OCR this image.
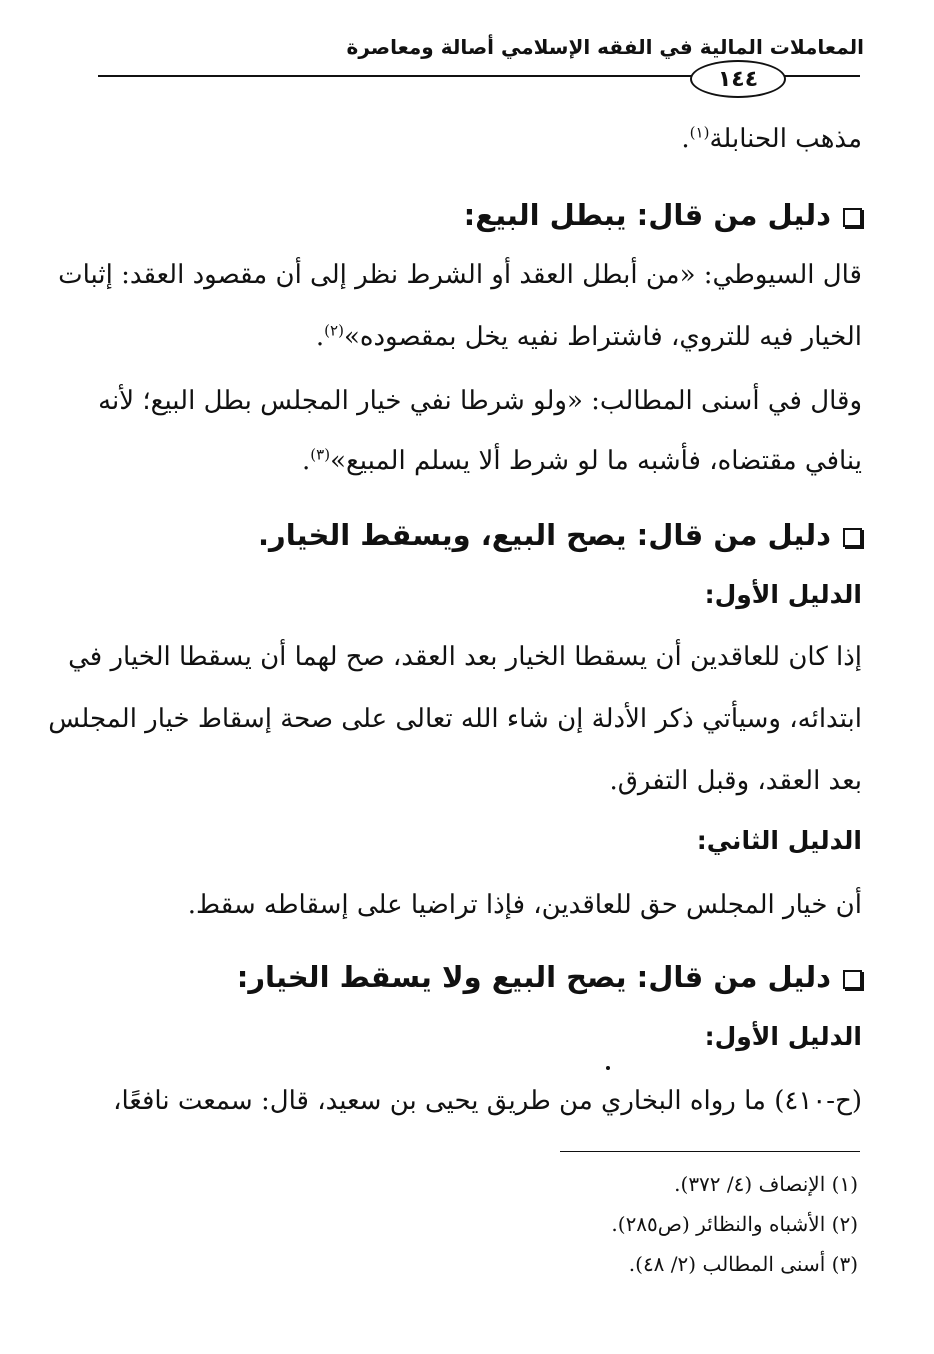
المعاملات المالية في الفقه الإسلامي أصالة ومعاصرة
١٤٤
مذهب الحنابلة$^{(١)}$.
دليل من قال: يبطل البيع:
قال السيوطي: «من أبطل العقد أو الشرط نظر إلى أن مقصود العقد: إثبات
الخيار فيه للتروي، فاشتراط نفيه يخل بمقصوده»$^{(٢)}$.
وقال في أسنى المطالب: «ولو شرطا نفي خيار المجلس بطل البيع؛ لأنه
ينافي مقتضاه، فأشبه ما لو شرط ألا يسلم المبيع»$^{(٣)}$.
دليل من قال: يصح البيع، ويسقط الخيار.
الدليل الأول:
إذا كان للعاقدين أن يسقطا الخيار بعد العقد، صح لهما أن يسقطا الخيار في
ابتدائه، وسيأتي ذكر الأدلة إن شاء الله تعالى على صحة إسقاط خيار المجلس
بعد العقد، وقبل التفرق.
الدليل الثاني:
أن خيار المجلس حق للعاقدين، فإذا تراضيا على إسقاطه سقط.
دليل من قال: يصح البيع ولا يسقط الخيار:
الدليل الأول:
(ح-٤١٠) ما رواه البخاري من طريق يحيى بن سعيد، قال: سمعت نافعًا،
(١) الإنصاف (٤/ ٣٧٢).
(٢) الأشباه والنظائر (ص٢٨٥).
(٣) أسنى المطالب (٢/ ٤٨).
